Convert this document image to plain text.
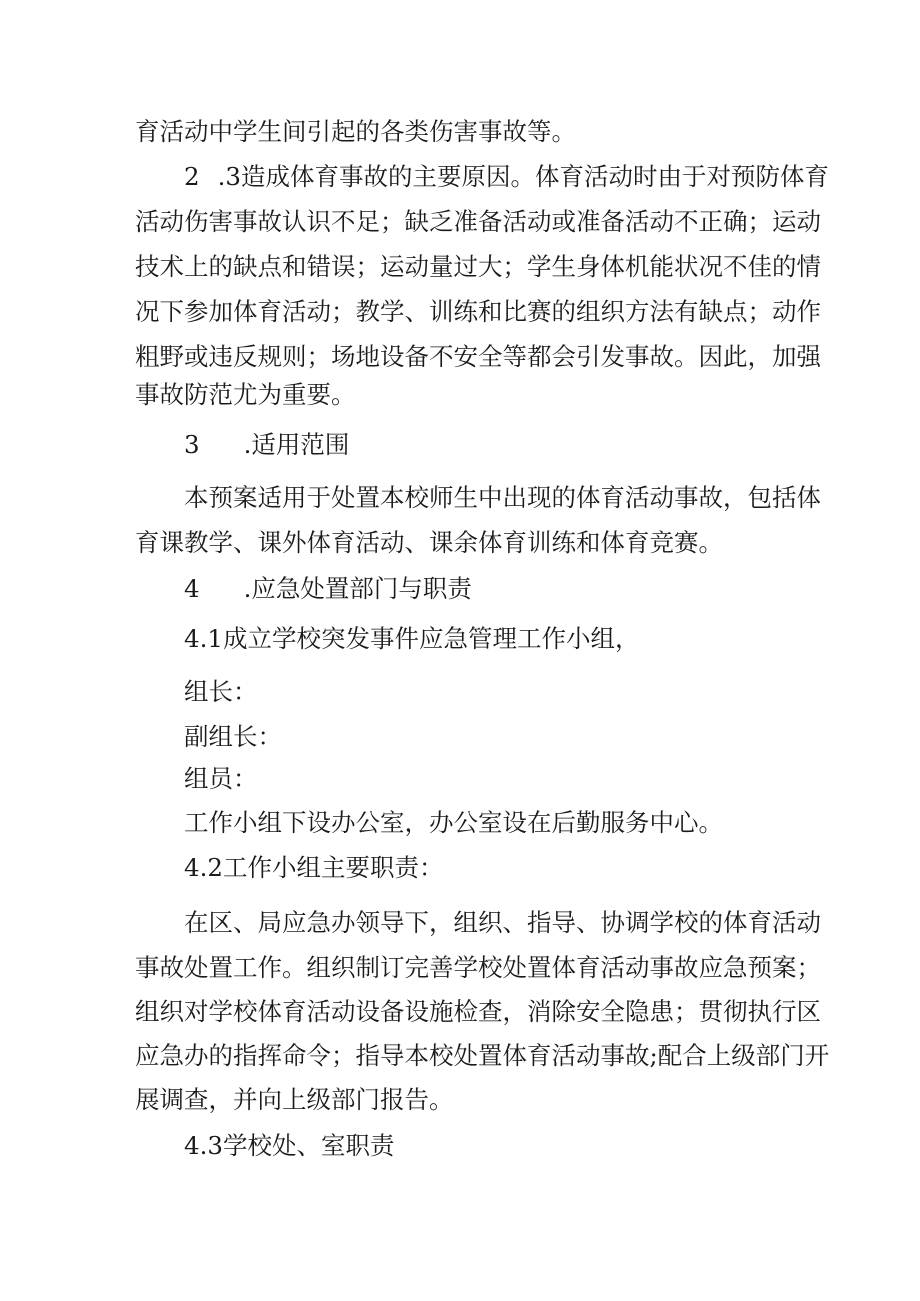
育活动中学生间引起的各类伤害事故等。
2 .3造成体育事故的主要原因。体育活动时由于对预防体育
活动伤害事故认识不足；缺乏准备活动或准备活动不正确；运动
技术上的缺点和错误；运动量过大；学生身体机能状况不佳的情
况下参加体育活动；教学、训练和比赛的组织方法有缺点；动作
粗野或违反规则；场地设备不安全等都会引发事故。因此，加强
事故防范尤为重要。
3 .适用范围
本预案适用于处置本校师生中出现的体育活动事故，包括体
育课教学、课外体育活动、课余体育训练和体育竞赛。
4 .应急处置部门与职责
4.1成立学校突发事件应急管理工作小组，
组长：
副组长：
组员：
工作小组下设办公室，办公室设在后勤服务中心。
4.2工作小组主要职责：
在区、局应急办领导下，组织、指导、协调学校的体育活动
事故处置工作。组织制订完善学校处置体育活动事故应急预案；
组织对学校体育活动设备设施检查，消除安全隐患；贯彻执行区
应急办的指挥命令；指导本校处置体育活动事故;配合上级部门开
展调查，并向上级部门报告。
4.3学校处、室职责
